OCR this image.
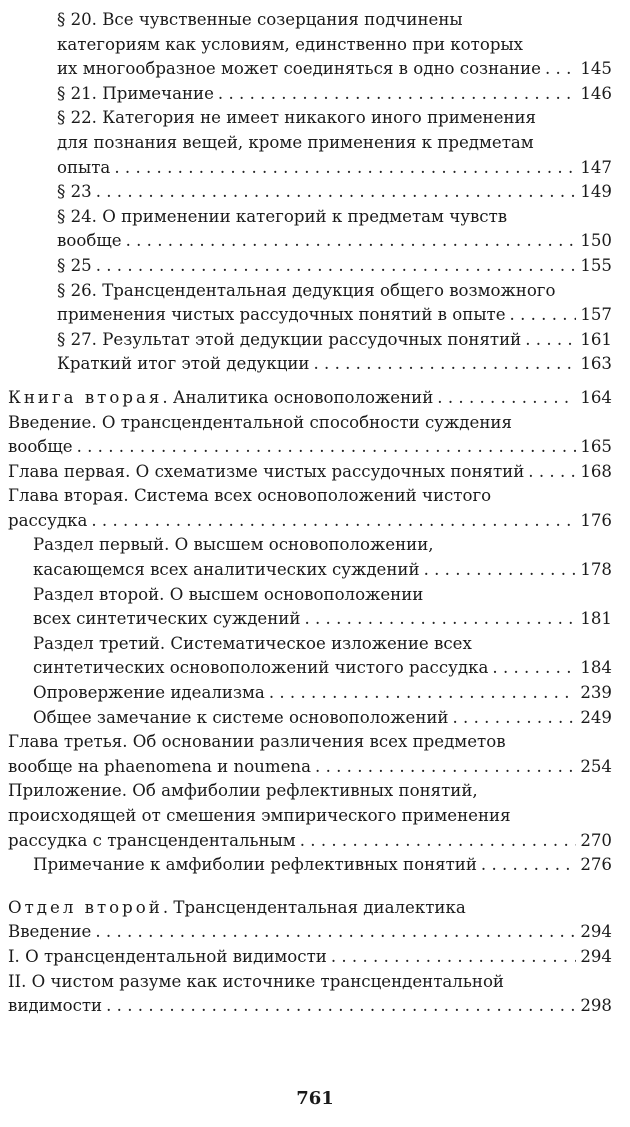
§ 20. Все чувственные созерцания подчинены
категориям как условиям, единственно при которых
их многообразное может соединяться в одно сознание . . . 145
§ 21. Примечание . . .	146
§ 22. Категория не имеет никакого иного применения
для познания вещей, кроме применения к предметам
опыта . . .	147
§ 23 . . .	149
§ 24. О применении категорий к предметам чувств
вообще . . .	150
§ 25 . . .	155
§ 26. Трансцендентальная дедукция общего возможного
применения чистых рассудочных понятий в опыте . . .	157
§ 27. Результат этой дедукции рассудочных понятий . . .	161
Краткий итог этой дедукции . . .	163
Книга вторая. Аналитика основоположений . . .	164
Введение. О трансцендентальной способности суждения
вообще . . .	165
Глава первая. О схематизме чистых рассудочных понятий . . .	168
Глава вторая. Система всех основоположений чистого
рассудка . . .	176
Раздел первый. О высшем основоположении,
касающемся всех аналитических суждений . . .	178
Раздел второй. О высшем основоположении
всех синтетических суждений . . .	181
Раздел третий. Систематическое изложение всех
синтетических основоположений чистого рассудка . . .	184
Опровержение идеализма . . .	239
Общее замечание к системе основоположений . . .	249
Глава третья. Об основании различения всех предметов
вообще на phaenomena и noumena . . .	254
Приложение. Об амфиболии рефлективных понятий,
происходящей от смешения эмпирического применения
рассудка с трансцендентальным . . .	270
Примечание к амфиболии рефлективных понятий . . .	276
Отдел второй. Трансцендентальная диалектика
Введение . . .	294
I. О трансцендентальной видимости . . .	294
II. О чистом разуме как источнике трансцендентальной
видимости . . .	298
761
